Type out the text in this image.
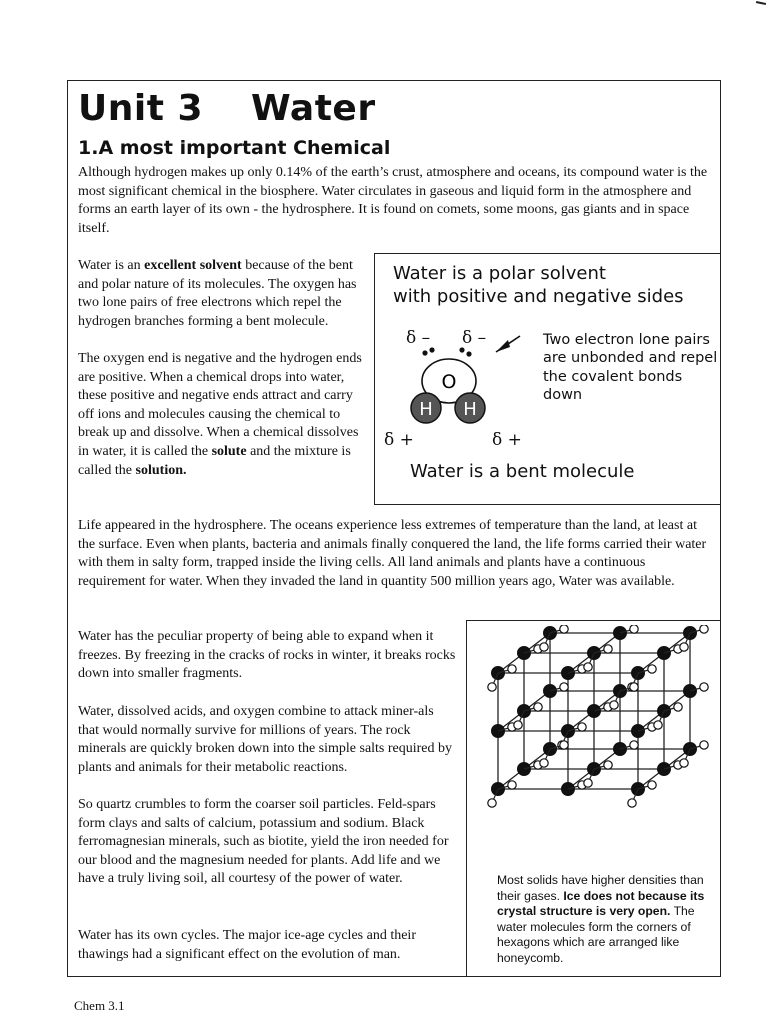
Unit 3 Water
1.A most important Chemical

Although hydrogen makes up only 0.14% of the earth’s crust, atmosphere and oceans, its compound water is the most significant chemical in the biosphere. Water circulates in gaseous and liquid form in the atmosphere and forms an earth layer of its own - the hydrosphere. It is found on comets, some moons, gas giants and in space itself.

Water is an excellent solvent because of the bent and polar nature of its molecules. The oxygen has two lone pairs of free electrons which repel the hydrogen branches forming a bent molecule.

The oxygen end is negative and the hydrogen ends are positive. When a chemical drops into water, these positive and negative ends attract and carry off ions and molecules causing the chemical to break up and dissolve. When a chemical dissolves in water, it is called the solute and the mixture is called the solution.

Water is a polar solvent
with positive and negative sides

δ – δ –
δ +	δ +
O
H H

Two electron lone pairs are unbonded and repel the covalent bonds down

Water is a bent molecule

Life appeared in the hydrosphere. The oceans experience less extremes of temperature than the land, at least at the surface. Even when plants, bacteria and animals finally conquered the land, the life forms carried their water with them in salty form, trapped inside the living cells. All land animals and plants have a continuous requirement for water. When they invaded the land in quantity 500 million years ago, Water was available.

Water has the peculiar property of being able to expand when it freezes. By freezing in the cracks of rocks in winter, it breaks rocks down into smaller fragments.

Water, dissolved acids, and oxygen combine to attack miner-als that would normally survive for millions of years. The rock minerals are quickly broken down into the simple salts required by plants and animals for their metabolic reactions.

So quartz crumbles to form the coarser soil particles. Feld-spars form clays and salts of calcium, potassium and sodium. Black ferromagnesian minerals, such as biotite, yield the iron needed for our blood and the magnesium needed for plants. Add life and we have a truly living soil, all courtesy of the power of water.

Water has its own cycles. The major ice-age cycles and their thawings had a significant effect on the evolution of man.

Most solids have higher densities than their gases. Ice does not because its crystal structure is very open. The water molecules form the corners of hexagons which are arranged like honeycomb.

Chem 3.1
